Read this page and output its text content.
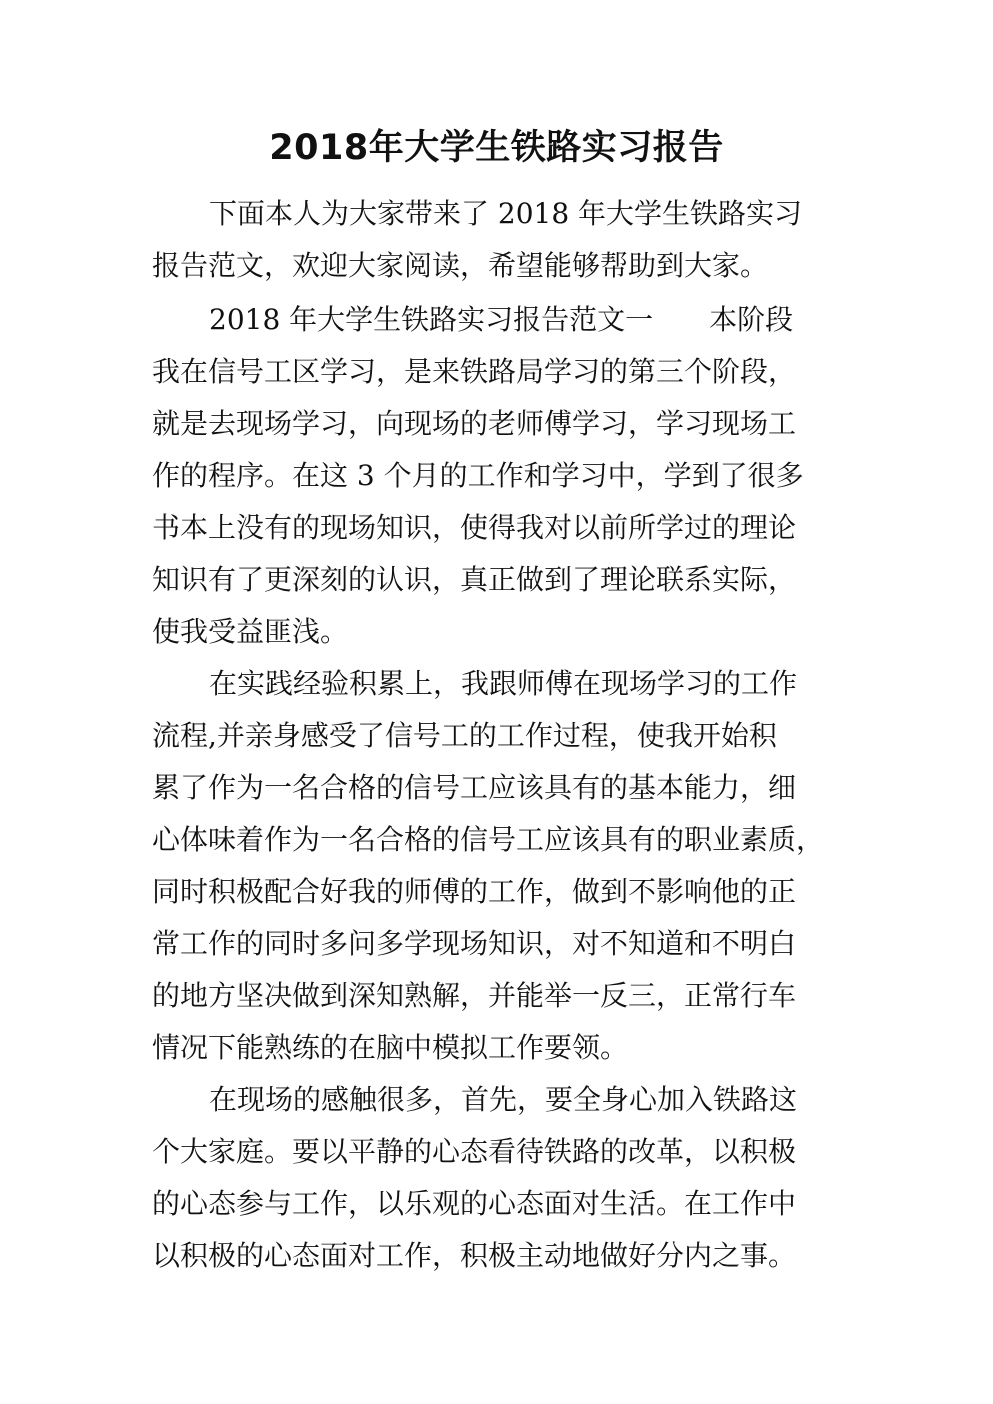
2018年大学生铁路实习报告
下面本人为大家带来了 2018 年大学生铁路实习
报告范文，欢迎大家阅读，希望能够帮助到大家。
2018 年大学生铁路实习报告范文一　　本阶段
我在信号工区学习，是来铁路局学习的第三个阶段，
就是去现场学习，向现场的老师傅学习，学习现场工
作的程序。在这 3 个月的工作和学习中，学到了很多
书本上没有的现场知识，使得我对以前所学过的理论
知识有了更深刻的认识，真正做到了理论联系实际，
使我受益匪浅。
在实践经验积累上，我跟师傅在现场学习的工作
流程,并亲身感受了信号工的工作过程，使我开始积
累了作为一名合格的信号工应该具有的基本能力，细
心体味着作为一名合格的信号工应该具有的职业素质，
同时积极配合好我的师傅的工作，做到不影响他的正
常工作的同时多问多学现场知识，对不知道和不明白
的地方坚决做到深知熟解，并能举一反三，正常行车
情况下能熟练的在脑中模拟工作要领。
在现场的感触很多，首先，要全身心加入铁路这
个大家庭。要以平静的心态看待铁路的改革，以积极
的心态参与工作，以乐观的心态面对生活。在工作中
以积极的心态面对工作，积极主动地做好分内之事。
